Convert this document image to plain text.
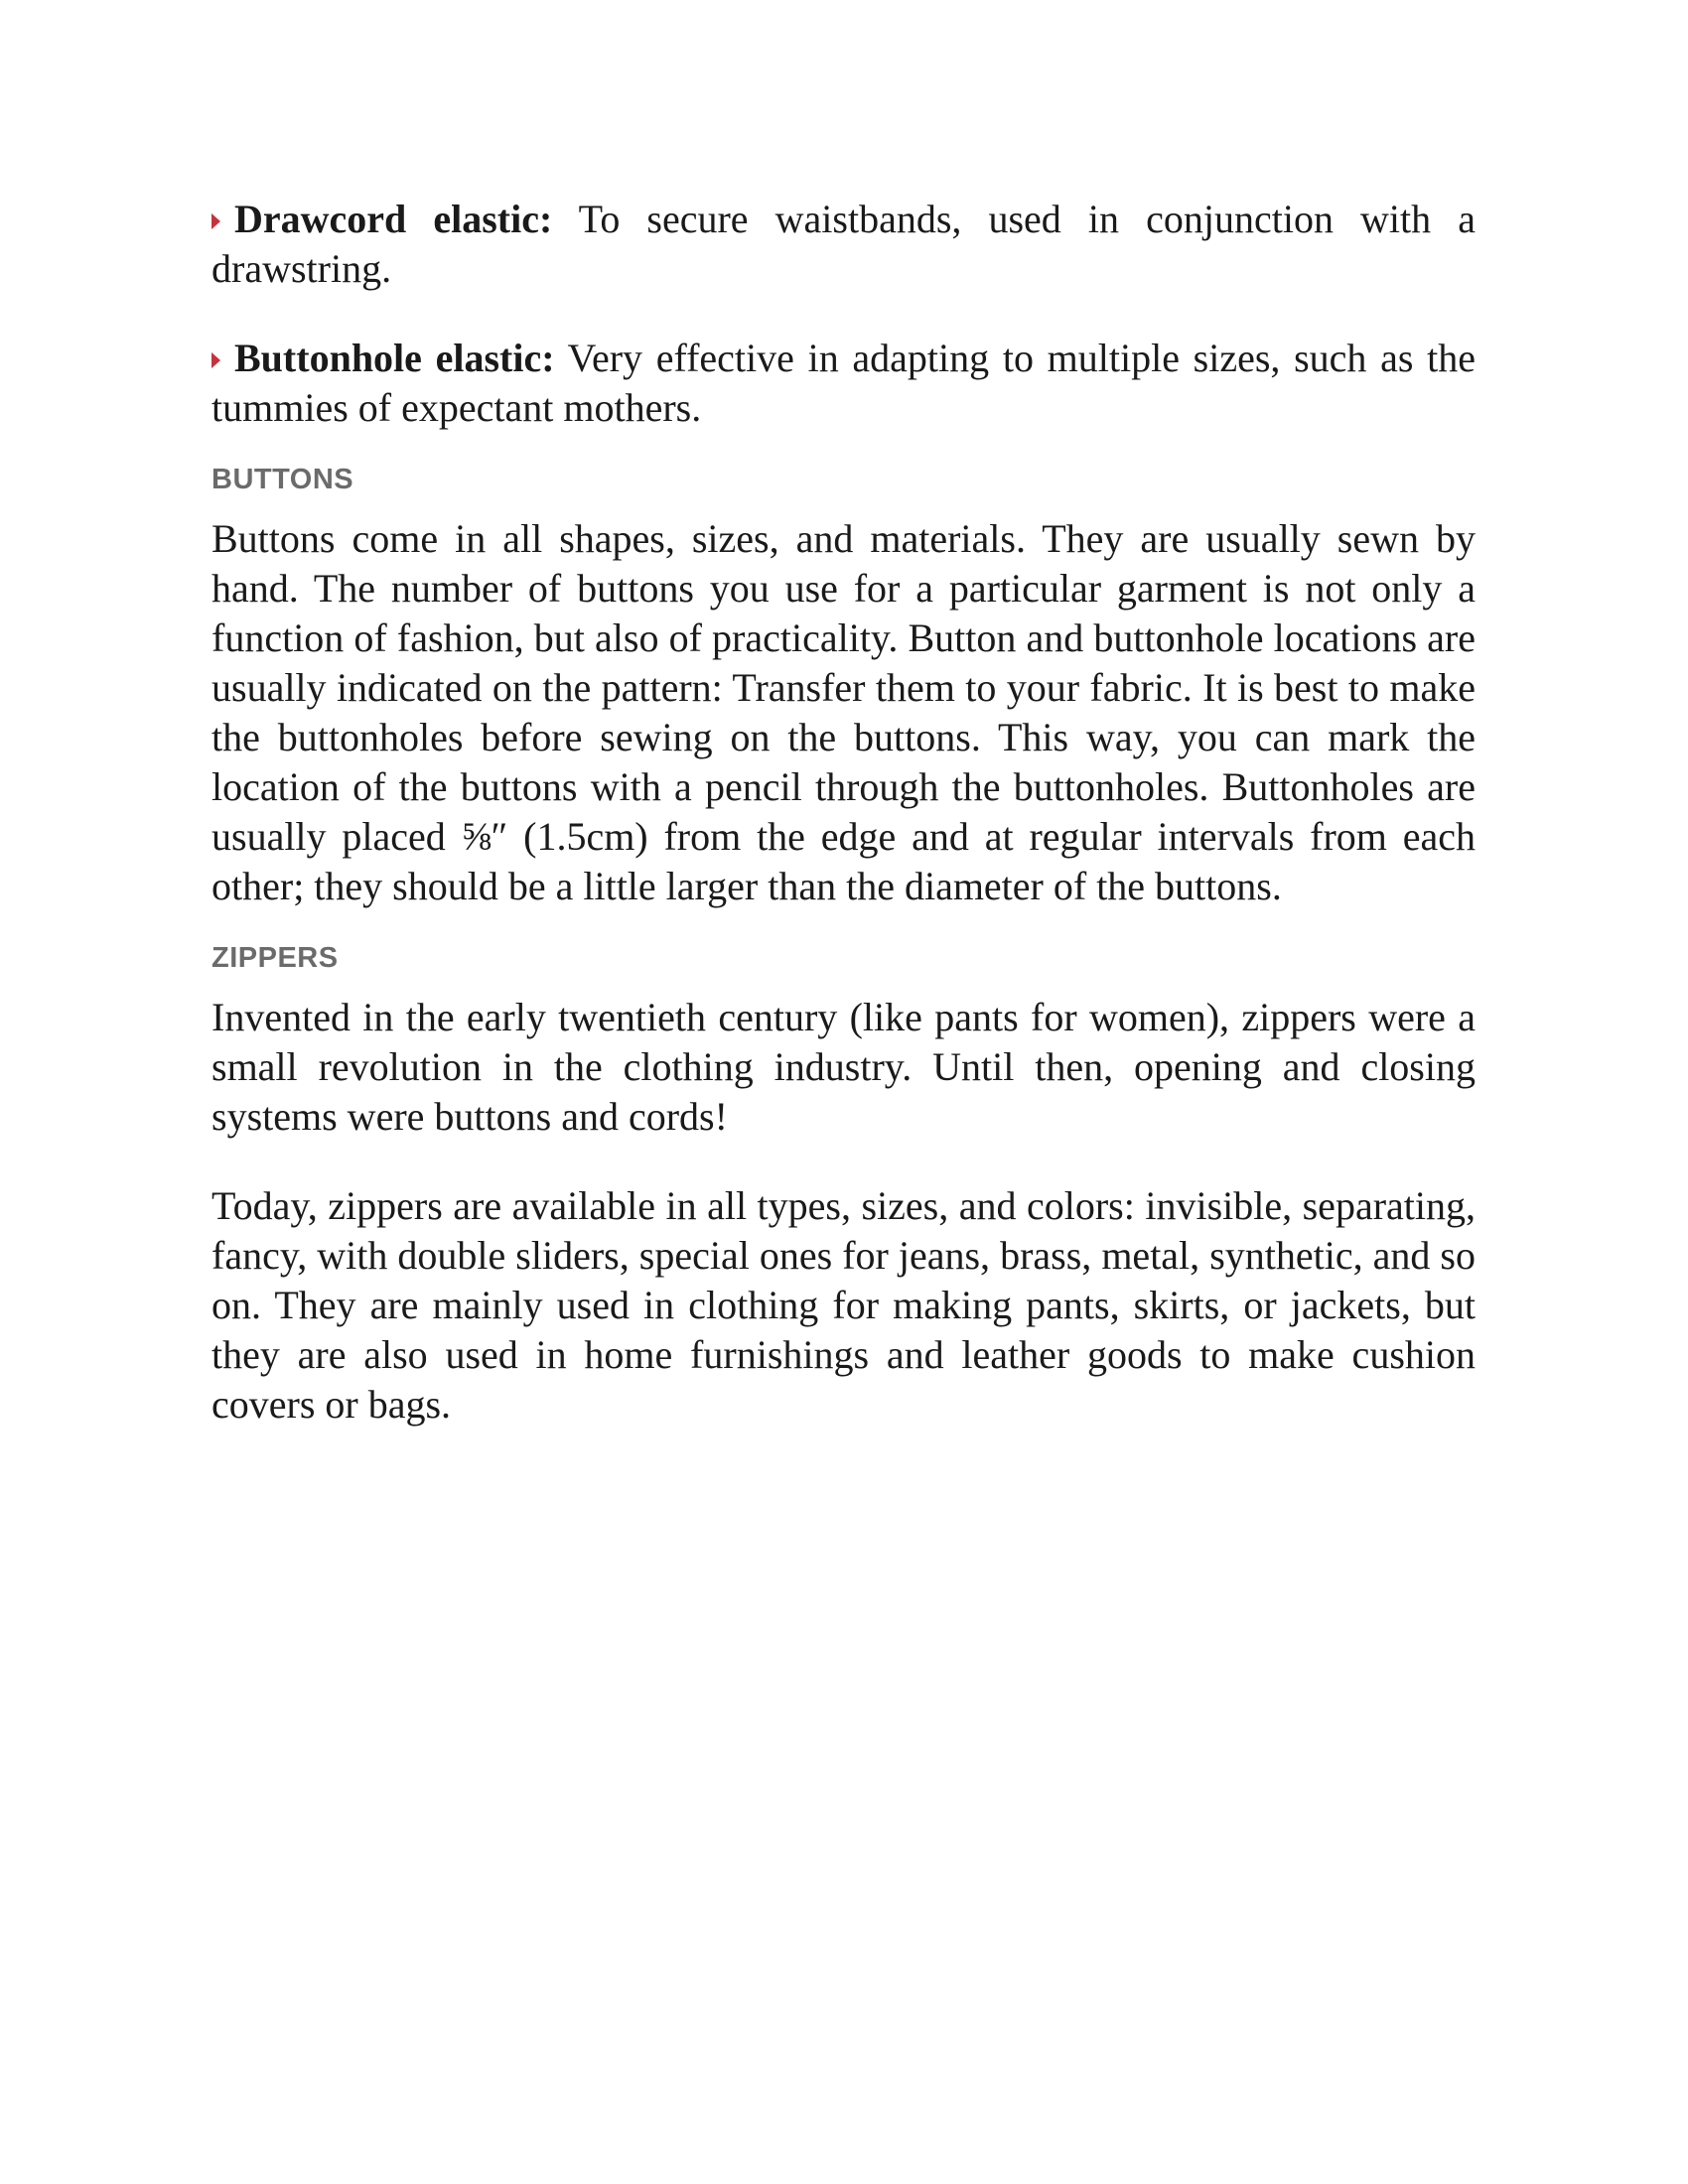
Drawcord elastic: To secure waistbands, used in conjunction with a drawstring.

Buttonhole elastic: Very effective in adapting to multiple sizes, such as the tummies of expectant mothers.

BUTTONS

Buttons come in all shapes, sizes, and materials. They are usually sewn by hand. The number of buttons you use for a particular garment is not only a function of fashion, but also of practicality. Button and buttonhole locations are usually indicated on the pattern: Transfer them to your fabric. It is best to make the buttonholes before sewing on the buttons. This way, you can mark the location of the buttons with a pencil through the buttonholes. Buttonholes are usually placed ⅝″ (1.5cm) from the edge and at regular intervals from each other; they should be a little larger than the diameter of the buttons.

ZIPPERS

Invented in the early twentieth century (like pants for women), zippers were a small revolution in the clothing industry. Until then, opening and closing systems were buttons and cords!

Today, zippers are available in all types, sizes, and colors: invisible, separating, fancy, with double sliders, special ones for jeans, brass, metal, synthetic, and so on. They are mainly used in clothing for making pants, skirts, or jackets, but they are also used in home furnishings and leather goods to make cushion covers or bags.
